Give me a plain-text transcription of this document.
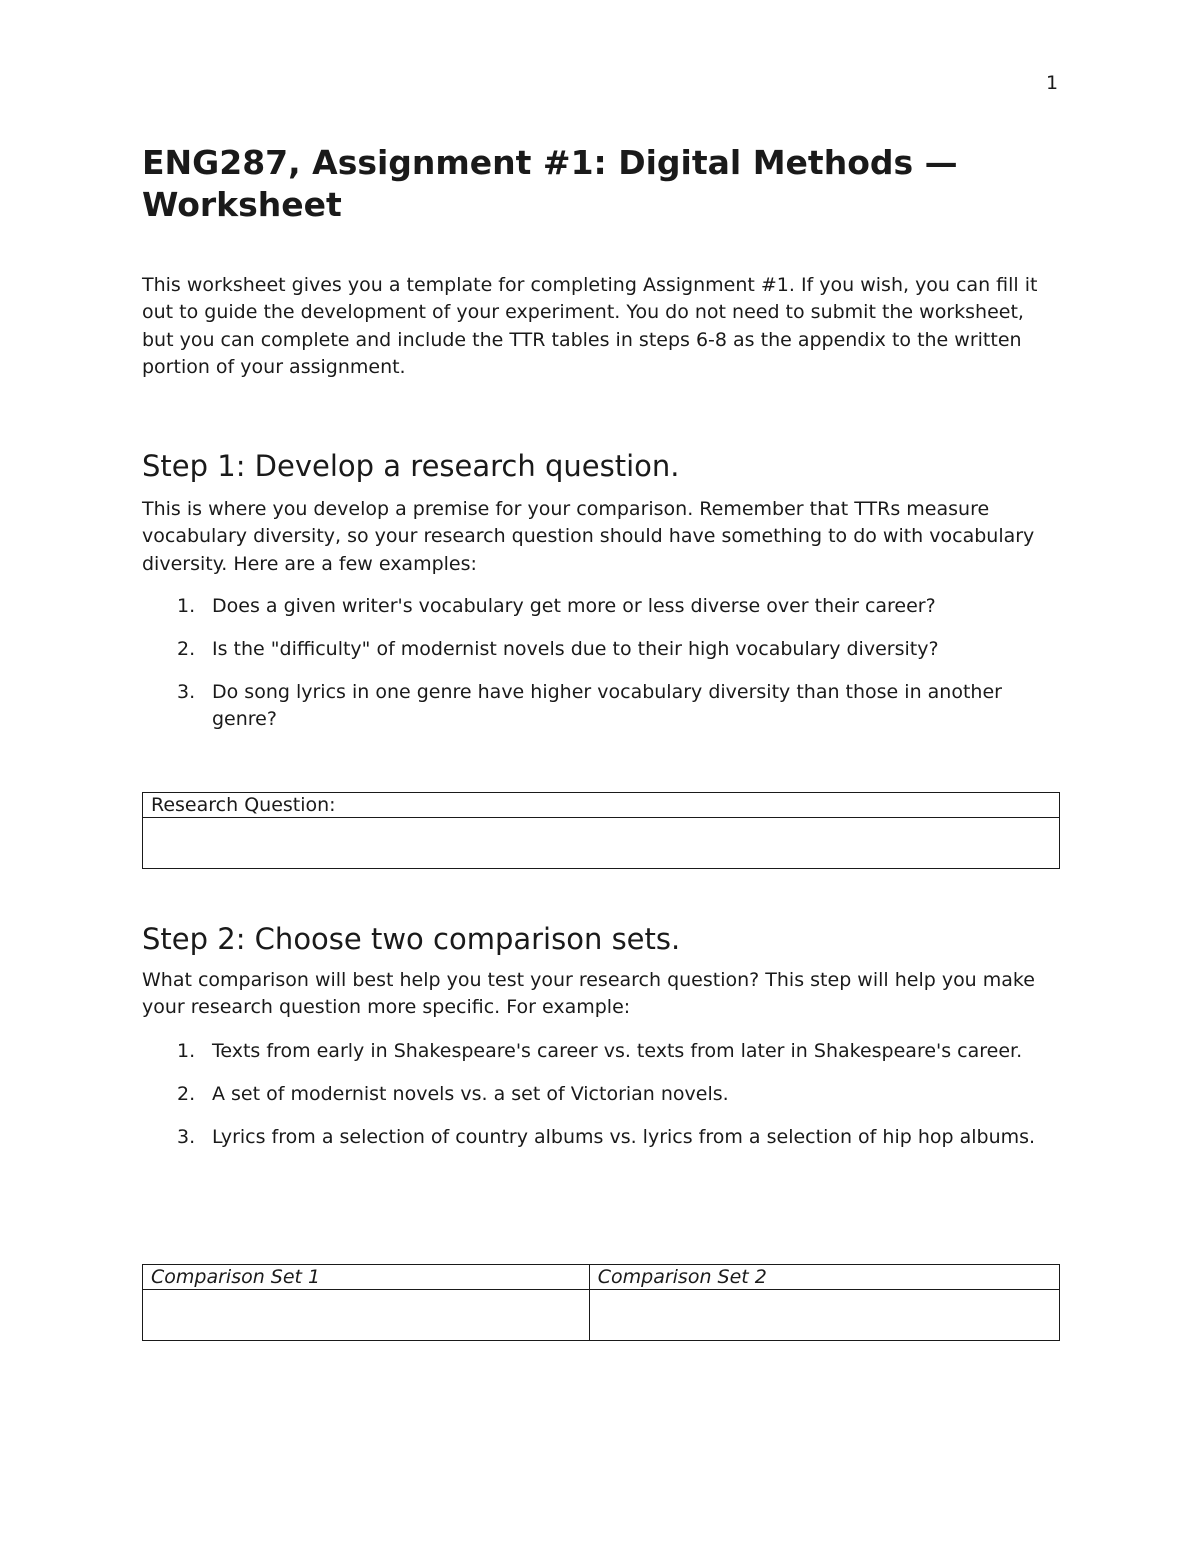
1
ENG287, Assignment #1: Digital Methods — Worksheet

This worksheet gives you a template for completing Assignment #1. If you wish, you can fill it out to guide the development of your experiment. You do not need to submit the worksheet, but you can complete and include the TTR tables in steps 6-8 as the appendix to the written portion of your assignment.

Step 1: Develop a research question.

This is where you develop a premise for your comparison. Remember that TTRs measure vocabulary diversity, so your research question should have something to do with vocabulary diversity. Here are a few examples:

1. Does a given writer's vocabulary get more or less diverse over their career?
2. Is the "difficulty" of modernist novels due to their high vocabulary diversity?
3. Do song lyrics in one genre have higher vocabulary diversity than those in another genre?
Research Question:

Step 2: Choose two comparison sets.

What comparison will best help you test your research question? This step will help you make your research question more specific. For example:

1. Texts from early in Shakespeare's career vs. texts from later in Shakespeare's career.
2. A set of modernist novels vs. a set of Victorian novels.
3. Lyrics from a selection of country albums vs. lyrics from a selection of hip hop albums.
Comparison Set 1	Comparison Set 2
